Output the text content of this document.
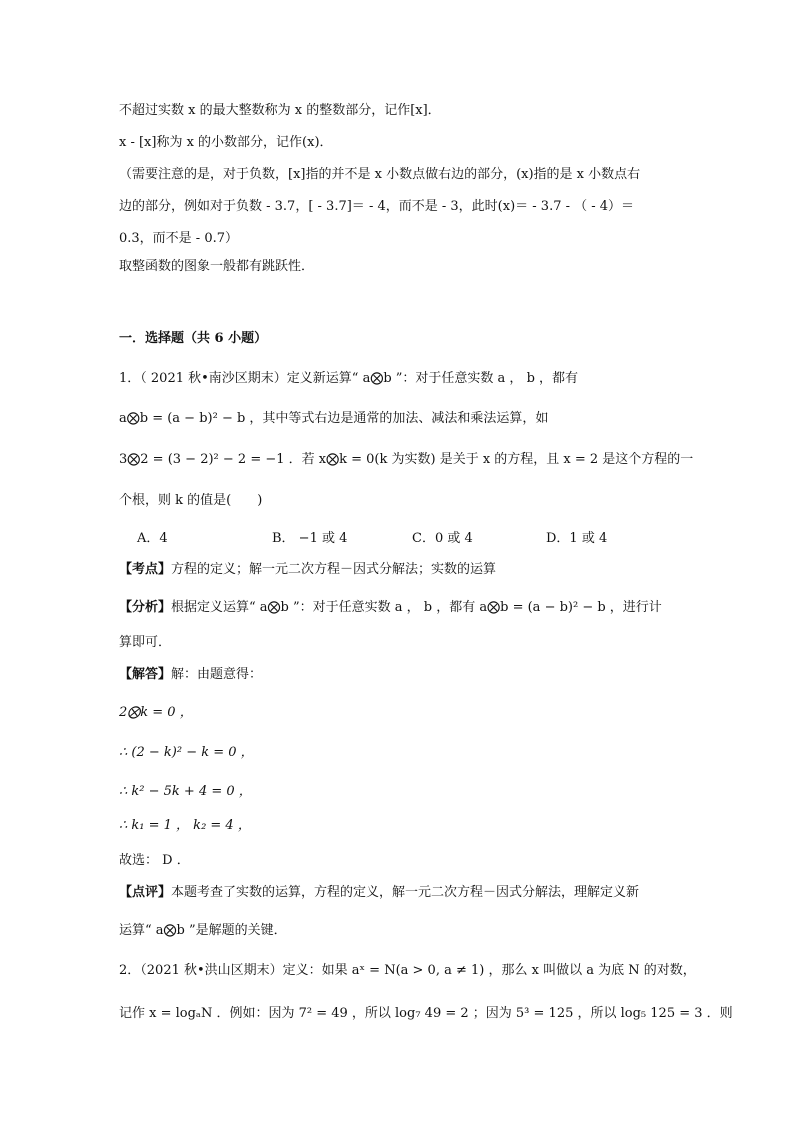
不超过实数 x 的最大整数称为 x 的整数部分，记作[x]．
x - [x]称为 x 的小数部分，记作(x)．
（需要注意的是，对于负数，[x]指的并不是 x 小数点做右边的部分，(x)指的是 x 小数点右
边的部分，例如对于负数 - 3.7，[ - 3.7]＝ - 4，而不是 - 3，此时(x)＝ - 3.7 - （ - 4）＝
0.3，而不是 - 0.7）
取整函数的图象一般都有跳跃性．
一．选择题（共 6 小题）
1．（ 2021 秋•南沙区期末）定义新运算“ a⨂b ”：对于任意实数 a ， b ，都有
a⨂b = (a − b)² − b ，其中等式右边是通常的加法、减法和乘法运算，如
3⨂2 = (3 − 2)² − 2 = −1 ．若 x⨂k = 0(k 为实数) 是关于 x 的方程，且 x = 2 是这个方程的一
个根，则 k 的值是(　　)
A．4	B． −1 或 4	C．0 或 4	D．1 或 4
【考点】方程的定义；解一元二次方程－因式分解法；实数的运算
【分析】根据定义运算“ a⨂b ”：对于任意实数 a ， b ，都有 a⨂b = (a − b)² − b ，进行计
算即可．
【解答】解：由题意得：
2⨂k = 0 ，
∴ (2 − k)² − k = 0 ，
∴ k² − 5k + 4 = 0 ，
∴ k₁ = 1 ， k₂ = 4 ，
故选： D ．
【点评】本题考查了实数的运算，方程的定义，解一元二次方程－因式分解法，理解定义新
运算“ a⨂b ”是解题的关键．
2．（2021 秋•洪山区期末）定义：如果 aˣ = N(a > 0, a ≠ 1) ，那么 x 叫做以 a 为底 N 的对数，
记作 x = logₐN ．例如：因为 7² = 49 ，所以 log₇ 49 = 2 ；因为 5³ = 125 ，所以 log₅ 125 = 3 ．则
